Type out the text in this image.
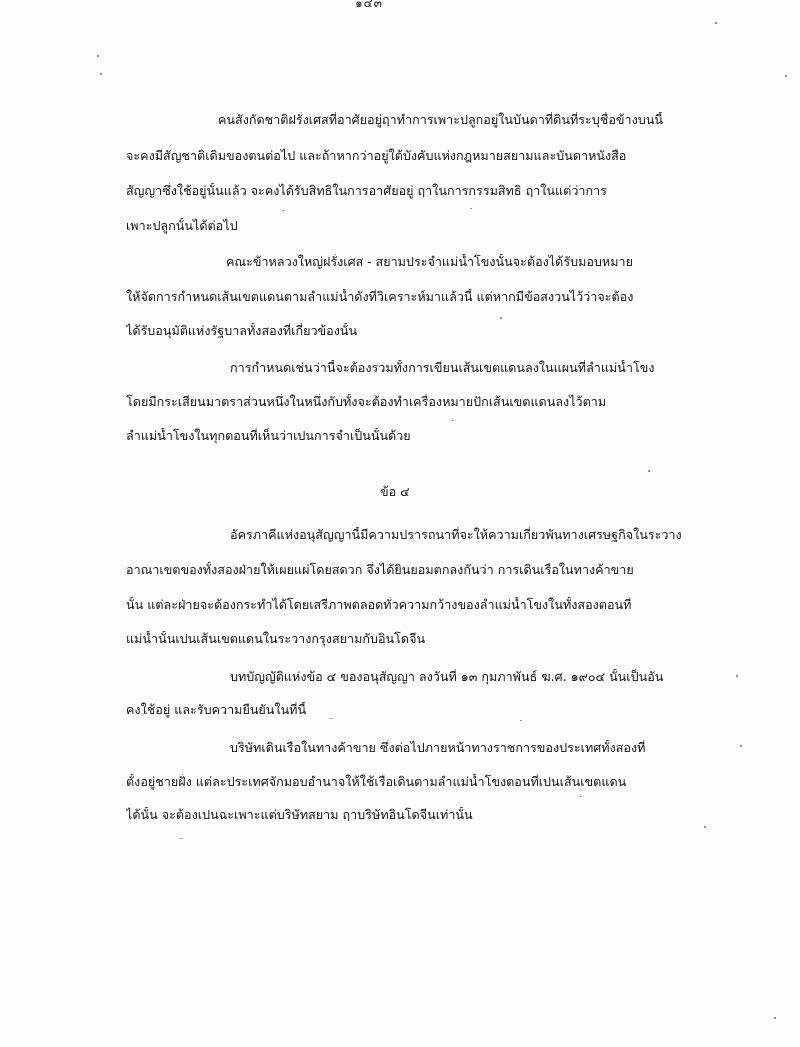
๑๔๓
คนสังกัดชาติฝรั่งเศสที่อาศัยอยู่ฤาทำการเพาะปลูกอยู่ในบันดาที่ดินที่ระบุชื่อข้างบนนี้
จะคงมีสัญชาติเดิมของตนต่อไป และถ้าหากว่าอยู่ใต้บังคับแห่งกฎหมายสยามและบันดาหนังสือ
สัญญาซึ่งใช้อยู่นั้นแล้ว จะคงได้รับสิทธิในการอาศัยอยู่ ฤาในการกรรมสิทธิ ฤาในแต่ว่าการ
เพาะปลูกนั้นได้ต่อไป
คณะข้าหลวงใหญ่ฝรั่งเศส - สยามประจำแม่น้ำโขงนั้นจะต้องได้รับมอบหมาย
ให้จัดการกำหนดเส้นเขตแดนตามลำแม่น้ำดังที่วิเคราะห์มาแล้วนี้ แต่หากมีข้อสงวนไว้ว่าจะต้อง
ได้รับอนุมัติแห่งรัฐบาลทั้งสองที่เกี่ยวข้องนั้น
การกำหนดเช่นว่านี้จะต้องรวมทั้งการเขียนเส้นเขตแดนลงในแผนที่ลำแม่น้ำโขง
โดยมีกระเสียนมาตราส่วนหนึ่งในหนึ่งกับทั้งจะต้องทำเครื่องหมายปักเส้นเขตแดนลงไว้ตาม
ลำแม่น้ำโขงในทุกตอนที่เห็นว่าเปนการจำเป็นนั้นด้วย
ข้อ ๔
อัครภาคีแห่งอนุสัญญานี้มีความปรารถนาที่จะให้ความเกี่ยวพันทางเศรษฐกิจในระวาง
อาณาเขตของทั้งสองฝ่ายให้เผยแผ่โดยสดวก จึ่งได้ยินยอมตกลงกันว่า การเดินเรือในทางค้าขาย
นั้น แต่ละฝ่ายจะต้องกระทำได้โดยเสรีภาพตลอดทั่วความกว้างของลำแม่น้ำโขงในทั้งสองตอนที่
แม่น้ำนั้นเปนเส้นเขตแดนในระวางกรุงสยามกับอินโดจีน
บทบัญญัติแห่งข้อ ๔ ของอนุสัญญา ลงวันที่ ๑๓ กุมภาพันธ์ ฆ.ศ. ๑๙๐๔ นั้นเป็นอัน
คงใช้อยู่ และรับความยืนยันในที่นี้
บริษัทเดินเรือในทางค้าขาย ซึ่งต่อไปภายหน้าทางราชการของประเทศทั้งสองที่
ตั้งอยู่ชายฝั่ง แต่ละประเทศจักมอบอำนาจให้ใช้เรือเดินตามลำแม่น้ำโขงตอนที่เปนเส้นเขตแดน
ได้นั้น จะต้องเปนฉะเพาะแต่บริษัทสยาม ฤาบริษัทอินโดจีนเท่านั้น
